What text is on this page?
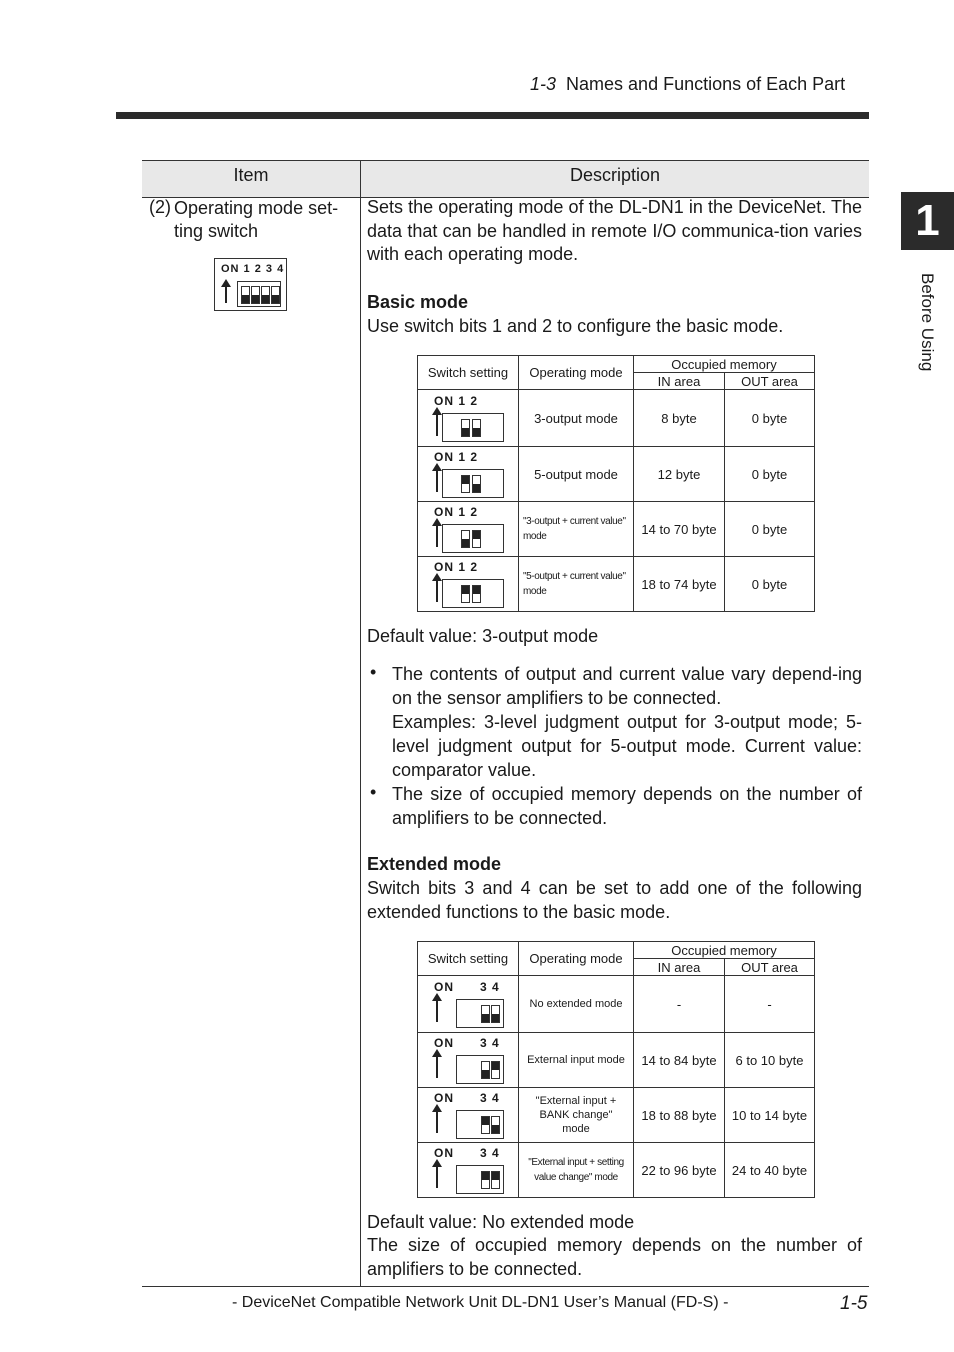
1-3 Names and Functions of Each Part
1
Before Using
Item	Description
(2) Operating mode set-ting switch
ON 1 2 3 4
Sets the operating mode of the DL-DN1 in the DeviceNet. The data that can be handled in remote I/O communica-tion varies with each operating mode.
Basic mode
Use switch bits 1 and 2 to configure the basic mode.
Switch setting	Operating mode	Occupied memory	
		IN area	OUT area

ON 1 2	3-output mode	8 byte	0 byte

ON 1 2	5-output mode	12 byte	0 byte

ON 1 2	"3-output + current value" mode	14 to 70 byte	0 byte

ON 1 2	"5-output + current value" mode	18 to 74 byte	0 byte
Default value: 3-output mode
• The contents of output and current value vary depend-ing on the sensor amplifiers to be connected.
Examples: 3-level judgment output for 3-output mode; 5-level judgment output for 5-output mode. Current value: comparator value.
• The size of occupied memory depends on the number of amplifiers to be connected.
Extended mode
Switch bits 3 and 4 can be set to add one of the following extended functions to the basic mode.
Switch setting	Operating mode	Occupied memory	
		IN area	OUT area

ON      3 4	No extended mode	-	-

ON      3 4	External input mode	14 to 84 byte	6 to 10 byte

ON      3 4	"External input + BANK change" mode	18 to 88 byte	10 to 14 byte

ON      3 4	"External input + setting value change" mode	22 to 96 byte	24 to 40 byte
Default value: No extended mode
The size of occupied memory depends on the number of amplifiers to be connected.
- DeviceNet Compatible Network Unit DL-DN1 User’s Manual (FD-S) -	1-5
